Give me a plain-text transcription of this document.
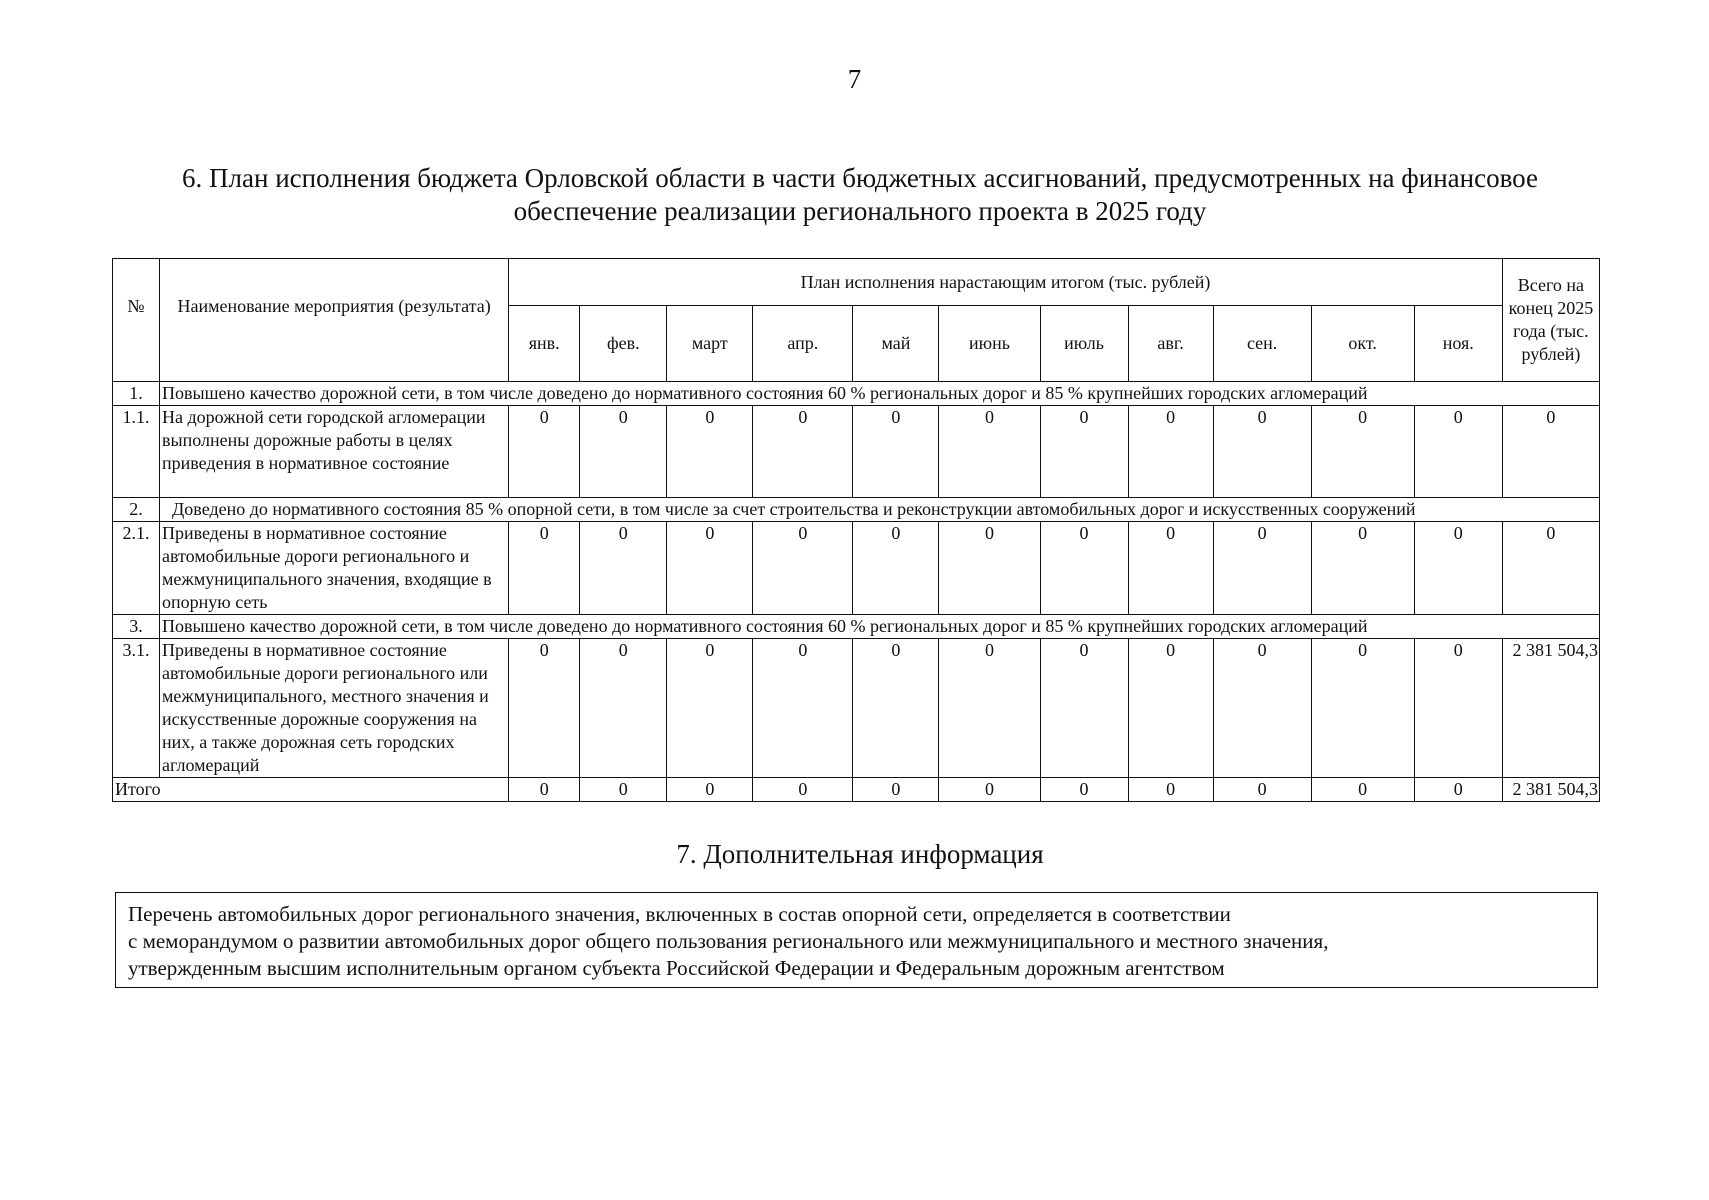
7
6. План исполнения бюджета Орловской области в части бюджетных ассигнований, предусмотренных на финансовое
обеспечение реализации регионального проекта в 2025 году
№	Наименование мероприятия (результата)	План исполнения нарастающим итогом (тыс. рублей)											Всего на конец 2025 года (тыс. рублей)
		янв.	фев.	март	апр.	май	июнь	июль	авг.	сен.	окт.	ноя.	
1.	Повышено качество дорожной сети, в том числе доведено до нормативного состояния 60 % региональных дорог и 85 % крупнейших городских агломераций												
1.1.	На дорожной сети городской агломерации выполнены дорожные работы в целях приведения в нормативное состояние	0	0	0	0	0	0	0	0	0	0	0	0
2.	Доведено до нормативного состояния 85 % опорной сети, в том числе за счет строительства и реконструкции автомобильных дорог и искусственных сооружений												
2.1.	Приведены в нормативное состояние автомобильные дороги регионального и межмуниципального значения, входящие в опорную сеть	0	0	0	0	0	0	0	0	0	0	0	0
3.	Повышено качество дорожной сети, в том числе доведено до нормативного состояния 60 % региональных дорог и 85 % крупнейших городских агломераций												
3.1.	Приведены в нормативное состояние автомобильные дороги регионального или межмуниципального, местного значения и искусственные дорожные сооружения на них, а также дорожная сеть городских агломераций	0	0	0	0	0	0	0	0	0	0	0	2 381 504,3
Итого		0	0	0	0	0	0	0	0	0	0	0	2 381 504,3
7. Дополнительная информация
Перечень автомобильных дорог регионального значения, включенных в состав опорной сети, определяется в соответствии
с меморандумом о развитии автомобильных дорог общего пользования регионального или межмуниципального и местного значения,
утвержденным высшим исполнительным органом субъекта Российской Федерации и Федеральным дорожным агентством
